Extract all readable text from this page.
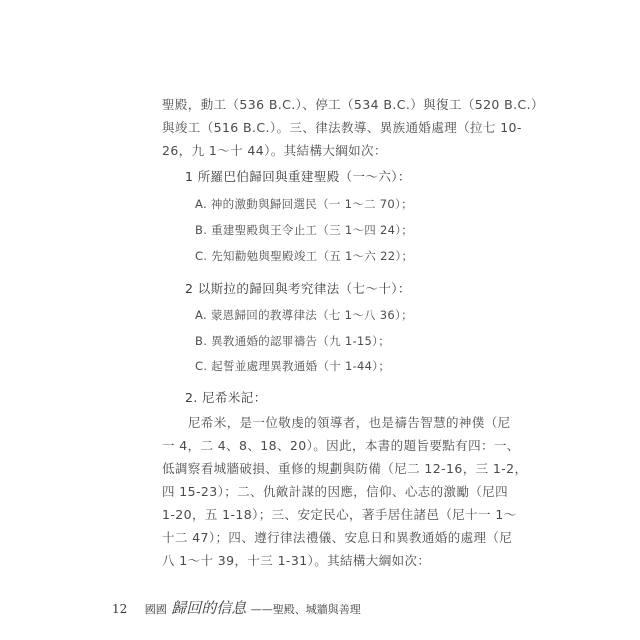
聖殿，動工（536 B.C.）、停工（534 B.C.）與復工（520 B.C.）
與竣工（516 B.C.）。三、律法教導、異族通婚處理（拉七 10-
26，九 1～十 44）。其結構大綱如次：
1 所羅巴伯歸回與重建聖殿（一～六）：
A. 神的激動與歸回選民（一 1～二 70）；
B. 重建聖殿與王令止工（三 1～四 24）；
C. 先知勸勉與聖殿竣工（五 1～六 22）；
2 以斯拉的歸回與考究律法（七～十）：
A. 蒙恩歸回的教導律法（七 1～八 36）；
B. 異教通婚的認罪禱告（九 1-15）；
C. 起誓並處理異教通婚（十 1-44）；
2. 尼希米記：
尼希米，是一位敬虔的領導者，也是禱告智慧的神僕（尼
一 4，二 4、8、18、20）。因此，本書的題旨要點有四：一、
低調察看城牆破損、重修的規劃與防備（尼二 12-16，三 1-2，
四 15-23）；二、仇敵計謀的因應，信仰、心志的激勵（尼四
1-20，五 1-18）；三、安定民心，著手居住諸邑（尼十一 1～
十二 47）；四、遵行律法禮儀、安息日和異教通婚的處理（尼
八 1～十 39，十三 1-31）。其結構大綱如次：
12 國國 歸回的信息 ——聖殿、城牆與善理
